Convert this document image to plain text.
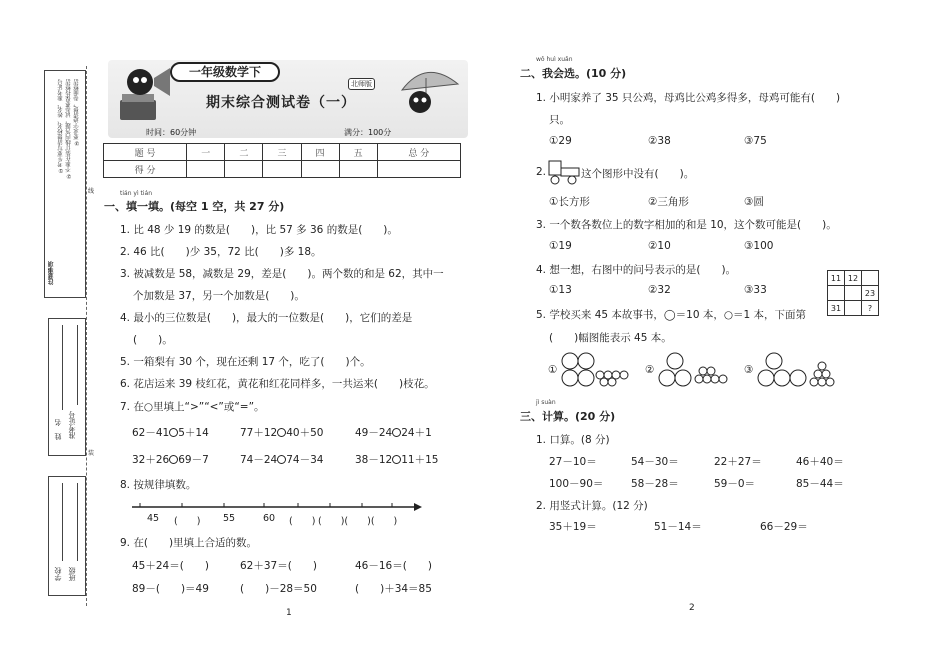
注意事项
①考生要写清楚校名、姓名、准考证号 ②不准在装订线内答题，试卷要保持整洁 ③要求字迹清楚，卷面整洁
线
装
姓　名 准考证号
学校 班级
一年级数学下
北师版
期末综合测试卷（一）
时间：60分钟	满分：100分
题 号	一	二	三	四	五	总 分
得 分						
tián yì tián
一、填一填。(每空 1 空，共 27 分)
1. 比 48 少 19 的数是(　　)，比 57 多 36 的数是(　　)。
2. 46 比(　　)少 35，72 比(　　)多 18。
3. 被减数是 58，减数是 29，差是(　　)。两个数的和是 62，其中一
个加数是 37，另一个加数是(　　)。
4. 最小的三位数是(　　)，最大的一位数是(　　)，它们的差是
(　　)。
5. 一箱梨有 30 个，现在还剩 17 个，吃了(　　)个。
6. 花店运来 39 枝红花，黄花和红花同样多，一共运来(　　)枝花。
7. 在○里填上“>”“<”或“=”。
62－41 5＋14	77＋12 40＋50	49－24 24＋1
32＋26 69－7	74－24 74－34	38－12 11＋15
8. 按规律填数。
45 (　　) 55	60 (　　) (　　)(　　)(　　)
9. 在(　　)里填上合适的数。
45＋24＝(　　)	62＋37＝(　　)	46－16＝(　　)
89－(　　)＝49	(　　)－28＝50	(　　)＋34＝85
1
wǒ huì xuǎn
二、我会选。(10 分)
1. 小明家养了 35 只公鸡，母鸡比公鸡多得多，母鸡可能有(　　)
只。
①29	②38	③75
2.	这个图形中没有(　　)。
①长方形	②三角形	③圆
3. 一个数各数位上的数字相加的和是 10，这个数可能是(　　)。
①19	②10	③100
4. 想一想，右图中的问号表示的是(　　)。
①13	②32	③33
11	12	
		23
31		?
5. 学校买来 45 本故事书，◯＝10 本，○＝1 本，下面第
(　　)幅图能表示 45 本。
①	②	③
jì suàn
三、计算。(20 分)
1. 口算。(8 分)
27－10＝	54－30＝	22＋27＝	46＋40＝
100－90＝	58－28＝	59－0＝	85－44＝
2. 用竖式计算。(12 分)
35＋19＝	51－14＝	66－29＝
2
